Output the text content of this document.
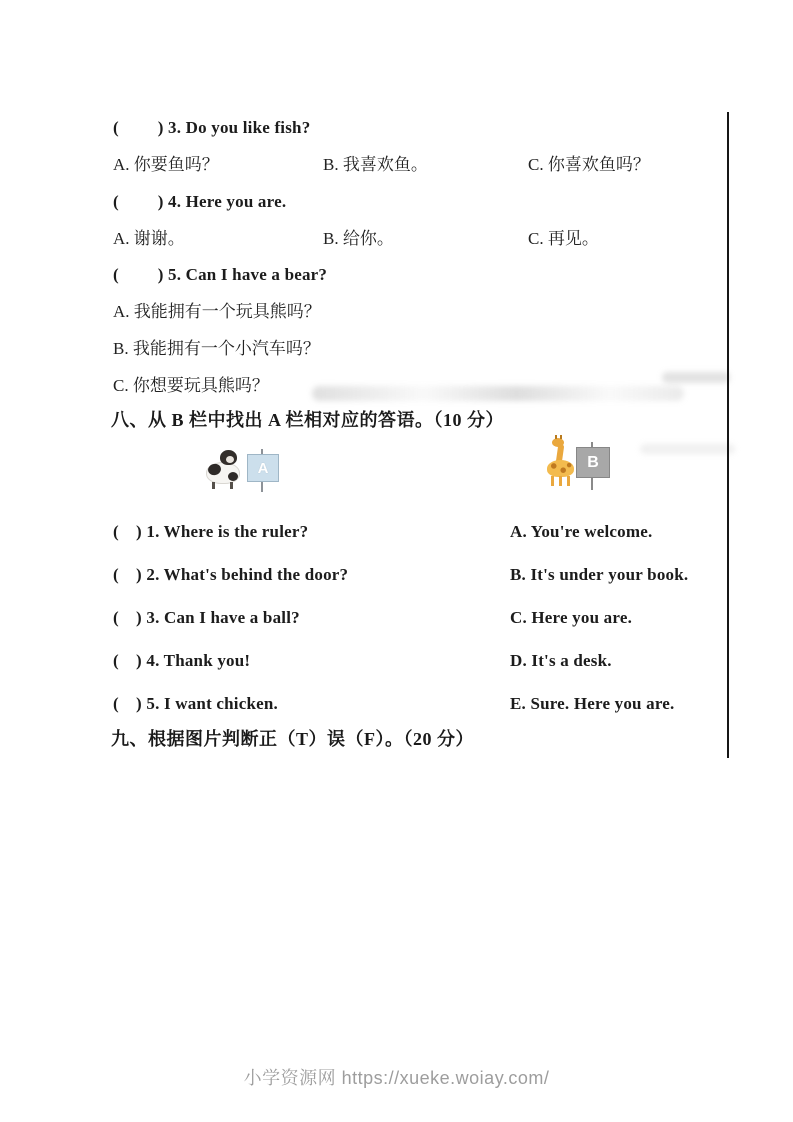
(　　 ) 3. Do you like fish?
A. 你要鱼吗？	B. 我喜欢鱼。	C. 你喜欢鱼吗？
(　　 ) 4. Here you are.
A. 谢谢。	B. 给你。	C. 再见。
(　　 ) 5. Can I have a bear?
A. 我能拥有一个玩具熊吗？
B. 我能拥有一个小汽车吗？
C. 你想要玩具熊吗？
八、从 B 栏中找出 A 栏相对应的答语。（10 分）
A	B
(　) 1. Where is the ruler?	A. You're welcome.
(　) 2. What's behind the door?	B. It's under your book.
(　) 3. Can I have a ball?	C. Here you are.
(　) 4. Thank you!	D. It's a desk.
(　) 5. I want chicken.	E. Sure. Here you are.
九、根据图片判断正（T）误（F）。（20 分）
小学资源网 https://xueke.woiay.com/
